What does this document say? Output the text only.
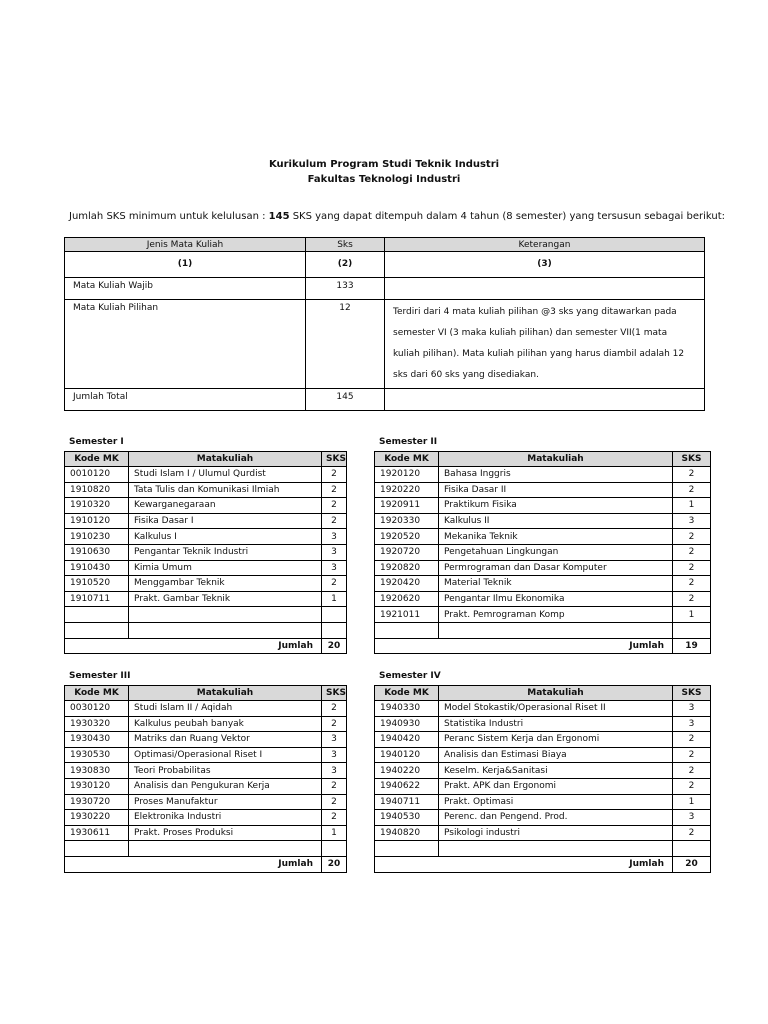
Kurikulum Program Studi Teknik Industri
Fakultas Teknologi Industri
Jumlah SKS minimum untuk kelulusan : 145 SKS yang dapat ditempuh dalam 4 tahun (8 semester) yang tersusun sebagai berikut:
Jenis Mata Kuliah	Sks	Keterangan
(1)	(2)	(3)
Mata Kuliah Wajib	133	
Mata Kuliah Pilihan	12	Terdiri dari 4 mata kuliah pilihan @3 sks yang ditawarkan pada semester VI (3 maka kuliah pilihan) dan semester VII(1 mata kuliah pilihan). Mata kuliah pilihan yang harus diambil adalah 12 sks dari 60 sks yang disediakan.
Jumlah Total	145	
Semester I
Kode MK	Matakuliah	SKS
0010120	Studi Islam I / Ulumul Qurdist	2
1910820	Tata Tulis dan Komunikasi Ilmiah	2
1910320	Kewarganegaraan	2
1910120	Fisika Dasar I	2
1910230	Kalkulus I	3
1910630	Pengantar Teknik Industri	3
1910430	Kimia Umum	3
1910520	Menggambar Teknik	2
1910711	Prakt. Gambar Teknik	1

Jumlah		20
Semester II
Kode MK	Matakuliah	SKS
1920120	Bahasa Inggris	2
1920220	Fisika Dasar II	2
1920911	Praktikum Fisika	1
1920330	Kalkulus II	3
1920520	Mekanika Teknik	2
1920720	Pengetahuan Lingkungan	2
1920820	Permrograman dan Dasar Komputer	2
1920420	Material Teknik	2
1920620	Pengantar Ilmu Ekonomika	2
1921011	Prakt. Pemrograman Komp	1

Jumlah		19
Semester III
Kode MK	Matakuliah	SKS
0030120	Studi Islam II / Aqidah	2
1930320	Kalkulus peubah banyak	2
1930430	Matriks dan Ruang Vektor	3
1930530	Optimasi/Operasional Riset I	3
1930830	Teori Probabilitas	3
1930120	Analisis dan Pengukuran Kerja	2
1930720	Proses Manufaktur	2
1930220	Elektronika Industri	2
1930611	Prakt. Proses Produksi	1

Jumlah		20
Semester IV
Kode MK	Matakuliah	SKS
1940330	Model Stokastik/Operasional Riset II	3
1940930	Statistika Industri	3
1940420	Peranc Sistem Kerja dan Ergonomi	2
1940120	Analisis dan Estimasi Biaya	2
1940220	Keselm. Kerja&Sanitasi	2
1940622	Prakt. APK dan Ergonomi	2
1940711	Prakt. Optimasi	1
1940530	Perenc. dan Pengend. Prod.	3
1940820	Psikologi industri	2

Jumlah		20
